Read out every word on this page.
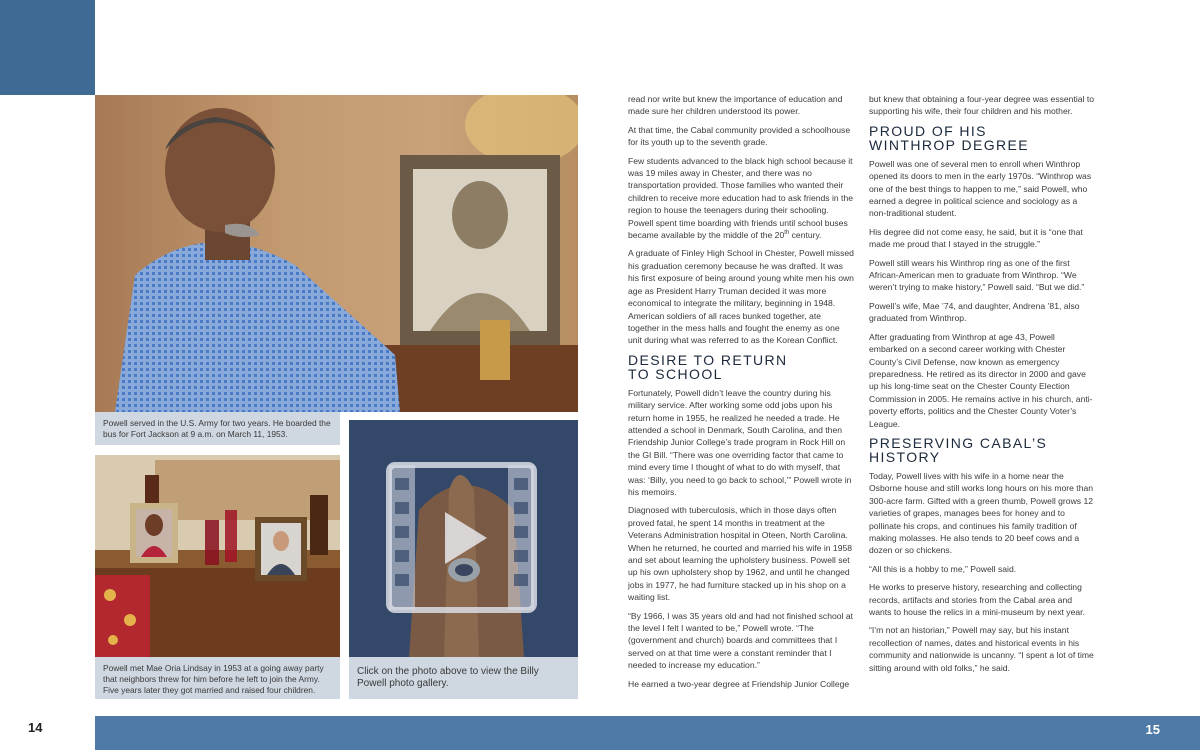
Powell served in the U.S. Army for two years. He boarded the bus for Fort Jackson at 9 a.m. on March 11, 1953.
Powell met Mae Oria Lindsay in 1953 at a going away party that neighbors threw for him before he left to join the Army. Five years later they got married and raised four children.
Click on the photo above to view the Billy Powell photo gallery.

read nor write but knew the importance of education and made sure her children understood its power.

At that time, the Cabal community provided a schoolhouse for its youth up to the seventh grade.

Few students advanced to the black high school because it was 19 miles away in Chester, and there was no transportation provided. Those families who wanted their children to receive more education had to ask friends in the region to house the teenagers during their schooling. Powell spent time boarding with friends until school buses became available by the middle of the 20th century.

A graduate of Finley High School in Chester, Powell missed his graduation ceremony because he was drafted. It was his first exposure of being around young white men his own age as President Harry Truman decided it was more economical to integrate the military, beginning in 1948. American soldiers of all races bunked together, ate together in the mess halls and fought the enemy as one unit during what was referred to as the Korean Conflict.

DESIRE TO RETURN
TO SCHOOL

Fortunately, Powell didn’t leave the country during his military service. After working some odd jobs upon his return home in 1955, he realized he needed a trade. He attended a school in Denmark, South Carolina, and then Friendship Junior College’s trade program in Rock Hill on the GI Bill. “There was one overriding factor that came to mind every time I thought of what to do with myself, that was: ‘Billy, you need to go back to school,’” Powell wrote in his memoirs.

Diagnosed with tuberculosis, which in those days often proved fatal, he spent 14 months in treatment at the Veterans Administration hospital in Oteen, North Carolina. When he returned, he courted and married his wife in 1958 and set about learning the upholstery business. Powell set up his own upholstery shop by 1962, and until he changed jobs in 1977, he had furniture stacked up in his shop on a waiting list.

“By 1966, I was 35 years old and had not finished school at the level I felt I wanted to be,” Powell wrote. “The (government and church) boards and committees that I served on at that time were a constant reminder that I needed to increase my education.”

He earned a two-year degree at Friendship Junior College

but knew that obtaining a four-year degree was essential to supporting his wife, their four children and his mother.

PROUD OF HIS
WINTHROP DEGREE

Powell was one of several men to enroll when Winthrop opened its doors to men in the early 1970s. “Winthrop was one of the best things to happen to me,” said Powell, who earned a degree in political science and sociology as a non-traditional student.

His degree did not come easy, he said, but it is “one that made me proud that I stayed in the struggle.”

Powell still wears his Winthrop ring as one of the first African-American men to graduate from Winthrop. “We weren’t trying to make history,” Powell said. “But we did.”

Powell’s wife, Mae ’74, and daughter, Andrena ’81, also graduated from Winthrop.

After graduating from Winthrop at age 43, Powell embarked on a second career working with Chester County’s Civil Defense, now known as emergency preparedness. He retired as its director in 2000 and gave up his long-time seat on the Chester County Election Commission in 2005. He remains active in his church, anti-poverty efforts, politics and the Chester County Voter’s League.

PRESERVING CABAL’S
HISTORY

Today, Powell lives with his wife in a home near the Osborne house and still works long hours on his more than 300-acre farm. Gifted with a green thumb, Powell grows 12 varieties of grapes, manages bees for honey and to pollinate his crops, and continues his family tradition of making molasses. He also tends to 20 beef cows and a dozen or so chickens.

“All this is a hobby to me,” Powell said.

He works to preserve history, researching and collecting records, artifacts and stories from the Cabal area and wants to house the relics in a mini-museum by next year.

“I’m not an historian,” Powell may say, but his instant recollection of names, dates and historical events in his community and nationwide is uncanny. “I spent a lot of time sitting around with old folks,” he said.

14	15
